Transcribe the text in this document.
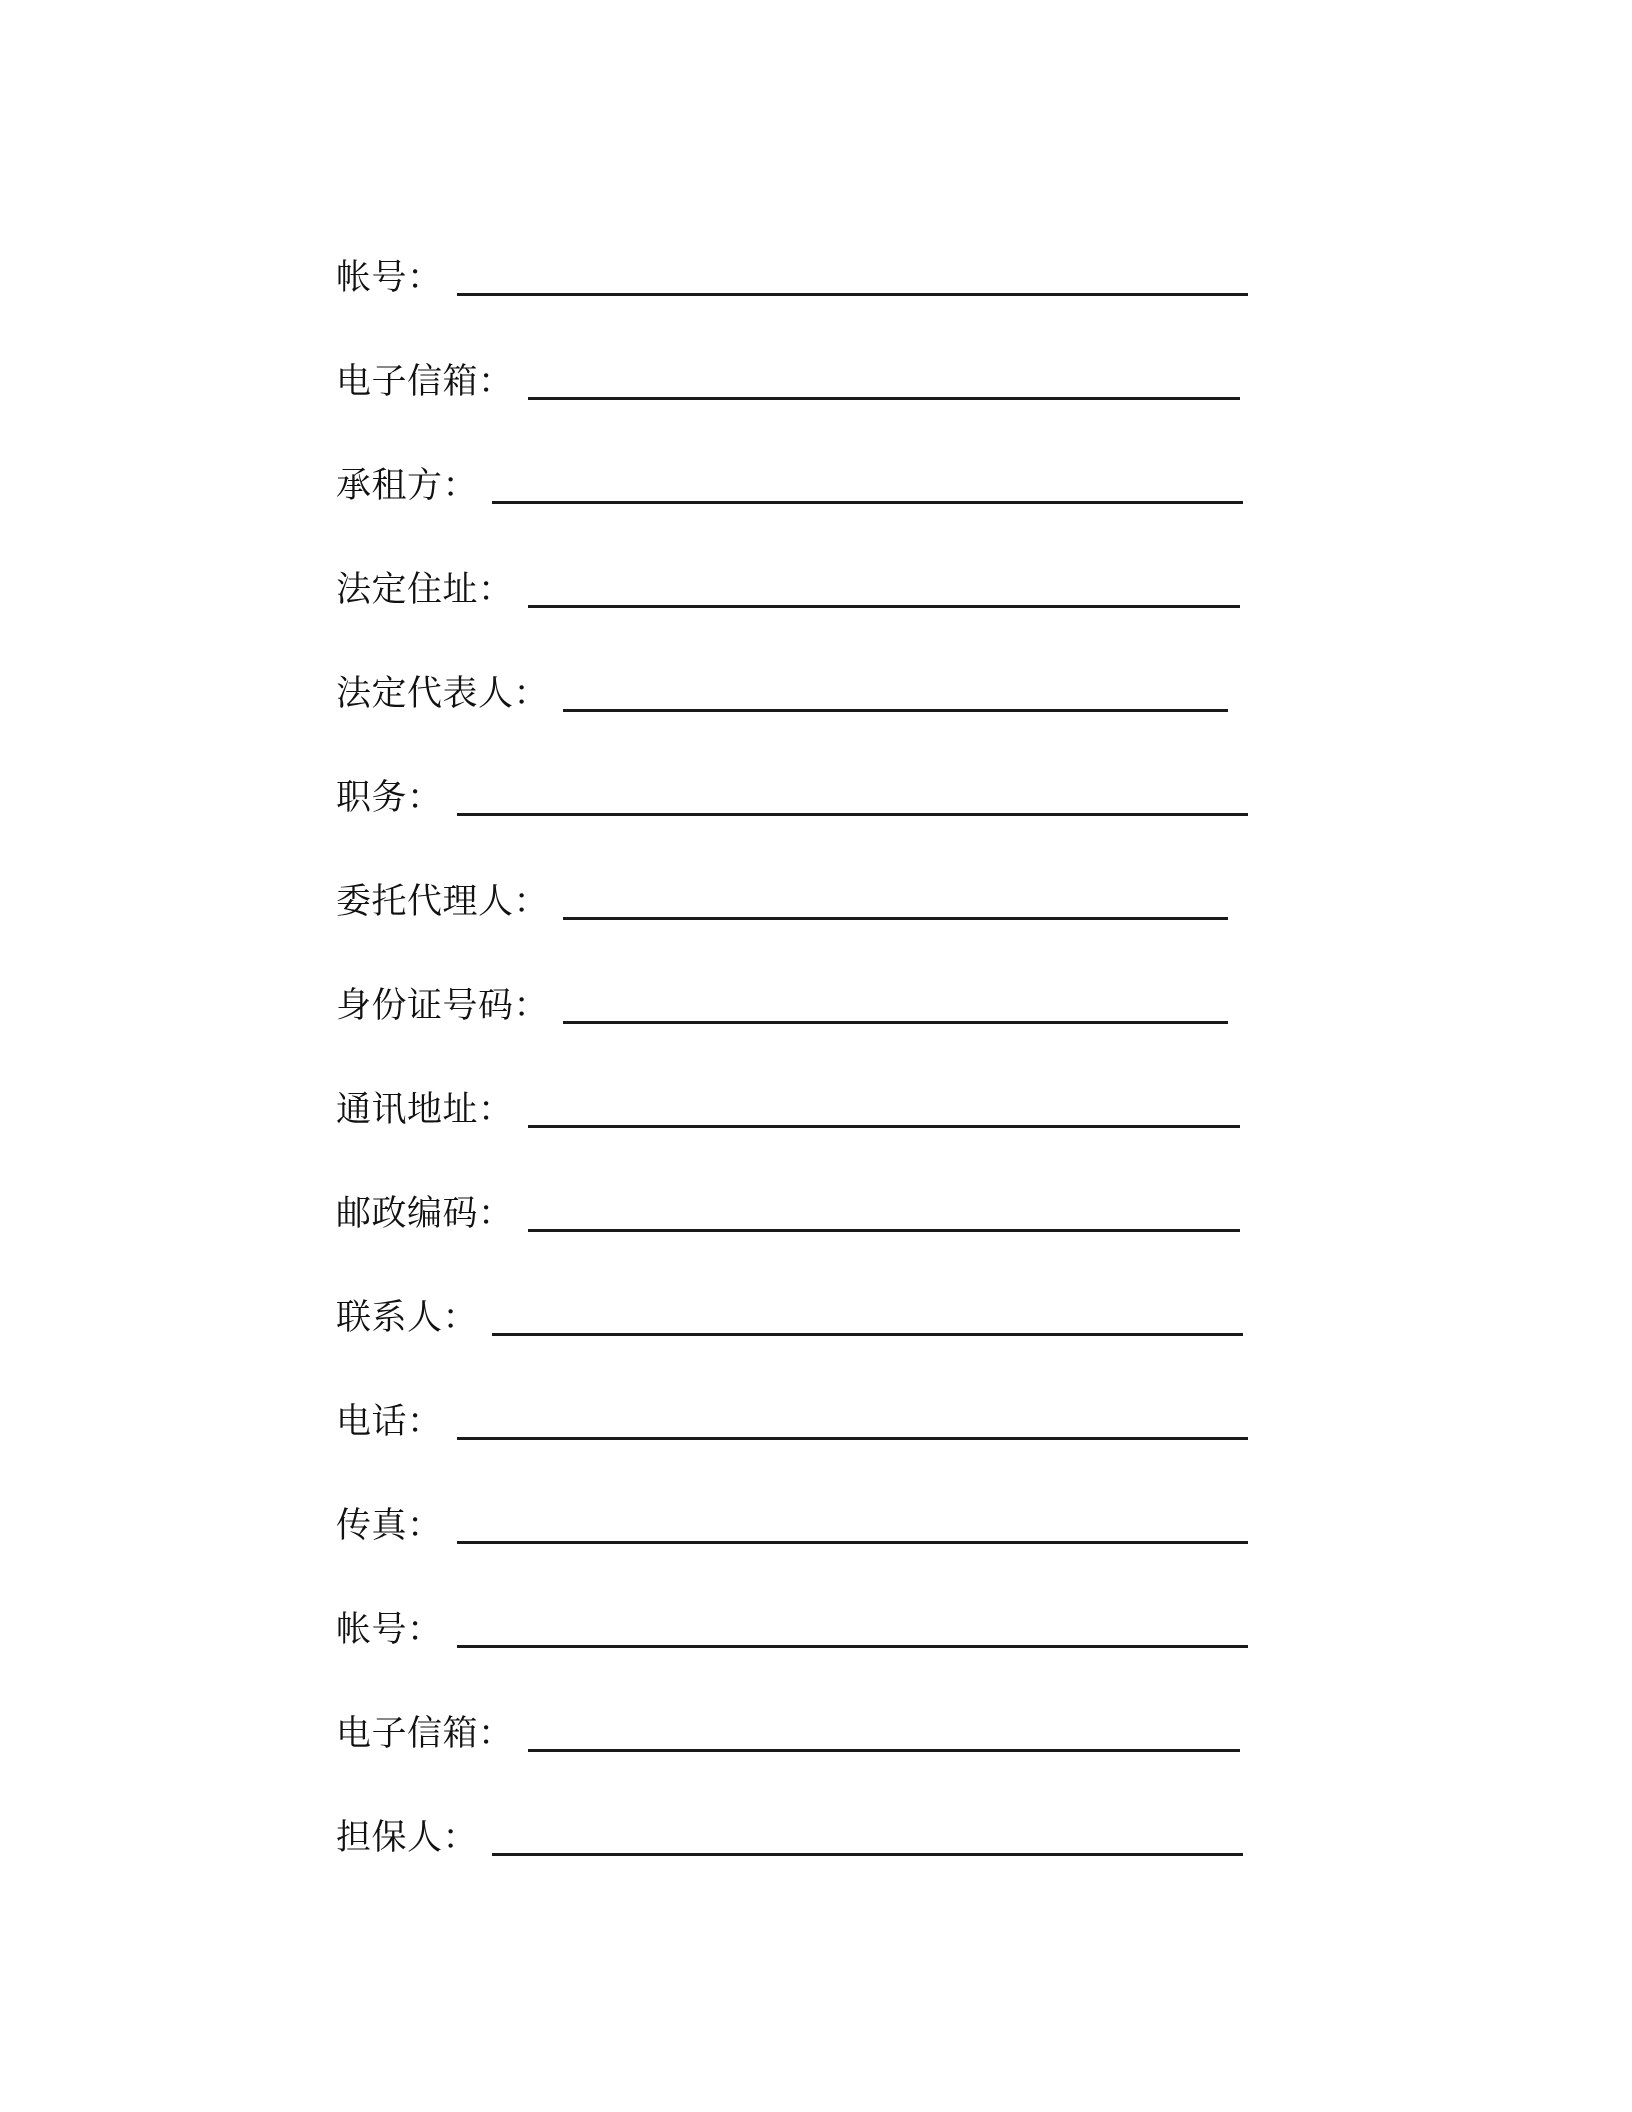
帐号：
电子信箱：
承租方：
法定住址：
法定代表人：
职务：
委托代理人：
身份证号码：
通讯地址：
邮政编码：
联系人：
电话：
传真：
帐号：
电子信箱：
担保人：
